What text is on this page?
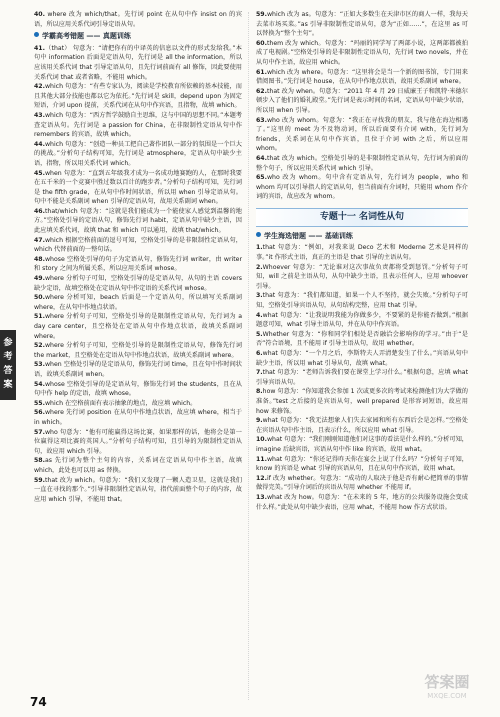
40. where 改为 which/that。先行词 point 在从句中作 insist on 的宾语，所以应用关系代词引导定语从句。
学霸高考错题 —— 真题训练
41.（that） 句意为：“请把你有的中译英的信息以文件的形式发给我。”本句中 information 后面是定语从句，先行词是 all the information，所以应该用关系代词 that 引导定语从句，且先行词前面有 all 修饰，因此要使用关系代词 that 或者省略，不能用 which。
42.which 句意为：“有些专家认为，阅读是学校教育所依赖的基本技能，而且其他大部分技能也都以它为依托。”先行词是 skill，depend upon 为固定短语，介词 upon 提前，关系代词在从句中作宾语，且指物，故填 which。
43.which 句意为：“西方哲学鼓励自主思维，这与中国的思想不同。”本题考查定语从句。先行词是 a passion for China，在非限制性定语从句中作 remembers 的宾语，故填 which。
44.which 句意为：“创造一种员工把自己著作团队一部分的氛围是一个巨大的挑战。”分析句子结构可知，先行词是 atmosphere，定语从句中缺少主语，指物，所以用关系代词 which。
45.when 句意为：“直到五年级我才成为一名成功地赛跑的人，在那时我要在五千米的一个竞赛中胜过数以百计的跑步者。”分析句子结构可知，先行词是 the fifth grade，在从句中作时间状语，所以用 when 引导定语从句。句中不能是关系副词 when 引导的定语从句，故用关系副词 when。
46.that/which 句意为：“这就是我们能成为一个能使家人感觉到温馨的地方。”空格处引导的定语从句，修饰先行词 habit，定语从句中缺少主语，因此应填关系代词，故填 that 和 which 可以通用，故填 that/which。
47.which 根据空格前面的逗号可知，空格处引导的是非限制性定语从句，which 代替前面的一整句话。
48.whose 空格处引导的句子为定语从句，修饰先行词 writer，由 writer 和 story 之间为所属关系，所以应用关系词 whose。
49.where 分析句子可知，空格处引导的是定语从句，从句的主语 covers 缺少定语，故填空格处在定语从句中作定语的关系代词 whose。
50.where 分析可知，beach 后面是一个定语从句，所以填写关系副词 where，在从句中作地点状语。
51.where 分析句子可知，空格处引导的是限制性定语从句，先行词为 a day care center，且空格处在定语从句中作地点状语，故填关系副词 where。
52.where 分析句子可知，空格处引导的是限制性定语从句，修饰先行词 the market，且空格处在定语从句中作地点状语，故填关系副词 where。
53.when 空格处引导的是定语从句，修饰先行词 time，且在句中作时间状语，故填关系副词 when。
54.whose 空格处引导的是定语从句，修饰先行词 the students，且在从句中作 help 的定语，故填 whose。
55.which 在空格前面有表示抽象的地点，故应填 which。
56.where 先行词 position 在从句中作地点状语，故应填 where，相当于 in which。
57.who 句意为：“他有可能赢得这场比赛，如果那样的话，他将会是第一位赢得这项比赛的英国人。”分析句子结构可知，且引导的为限制性定语从句，故应用 which 引导。
58.as 先行词为整个主句的内容，关系词在定语从句中作主语，故填 which，此处也可以用 as 替换。
59.that 改为 which。句意为：“我们又发现了一颗人造卫星，这就是我们一直在寻找的那个。”引导非限制性定语从句，指代前面整个句子的内容，故应用 which 引导，不能用 that。
59.which 改为 as。句意为：“正如大多数生在天津市区的商人一样，我每天去菜市场买菜。”as 引导非限制性定语从句，意为“正如……”，在这里 as 可以替换为“整个主句”。
60.them 改为 which。句意为：“玛丽的同学写了两部小说，这两部都被拍成了电视剧。”空格处引导的是非限制性定语从句，先行词 two novels，并在从句中作主语，故应用 which。
61.which 改为 where。句意为：“这里将会是当一个新的图书馆，专门用来借阅图书。”先行词是 house，在从句中作地点状语，故用关系副词 where。
62.that 改为 when。句意为：“2011 年 4 月 29 日威廉王子和凯特·米德尔顿步入了他们的婚礼殿堂。”先行词是表示时间的名词，定语从句中缺少状语，所以用 when 引导。
63.who 改为 whom。句意为：“我正在寻找我的朋友，我与他在海边相遇了。”这里的 meet 为不及物动词，所以后面要有介词 with，先行词为 friends，关系词在从句中作宾语，且位于介词 with 之后，所以应用 whom。
64.that 改为 which。空格处引导的是非限制性定语从句，先行词为前面的整个句子，所以应用关系代词 which 引导。
65.who 改为 whom。句中含有定语从句，先行词为 people，who 和 whom 均可以引导指人的定语从句，但当前面有介词时，只能用 whom 作介词的宾语，故应改为 whom。
专题十一 名词性从句
学生海选错题 —— 基础训练
1.that 句意为：“例如，对我来说 Deco 艺术和 Moderne 艺术是同样的事。”it 作形式主语，真正的主语是 that 引导的主语从句。
2.Whoever 句意为：“无论谁对这次事故负责都将受到惩罚。”分析句子可知，will 之前是主语从句，从句中缺少主语，且表示任何人，应用 whoever 引导。
3.that 句意为：“我们都知道，如果一个人不坚持，就会失败。”分析句子可知，空格处引导宾语从句，从句结构完整，应用 that 引导。
4.what 句意为：“让我说明我能为你做多少，不要紧的是你能否做到。”根据题意可知，what 引导主语从句，并在从句中作宾语。
5.Whether 句意为：“你和同学们相处是否融洽会影响你的学习。”由于“是否”符合语境，且不能用 if 引导主语从句，故用 whether。
6.what 句意为：“一个月之后，李斯特夫人弄清楚发生了什么。”宾语从句中缺少主语，所以用 what 引导从句，故填 what。
7.that 句意为：“老师告诉我们要在课堂上学习什么。”根据句意，应填 what 引导宾语从句。
8.how 句意为：“你知道我会参加 1 次或更多次的考试来检测他们为大学做的准备。”test 之后接的是宾语从句，well prepared 是形容词短语，故应用 how 来修饰。
9.what 句意为：“我无法想象人们失去家园和所有东西后会是怎样。”空格处在宾语从句中作主语，且表示什么，所以应用 what 引导。
10.what 句意为：“我们刚刚知道他们对这事的看法是什么样的。”分析可知，imagine 后缺宾语，宾语从句中作 like 的宾语，故用 what。
11.what 句意为：“你还记得昨天你在宴会上说了什么吗？”分析句子可知，know 的宾语是 what 引导的宾语从句，且在从句中作宾语，故用 what。
12.if 改为 whether。句意为：“成功的人取决于他是否有耐心把简单的事情做得完美。”引导介词后的宾语从句用 whether 不能用 if。
13.what 改为 how。句意为：“在未来的 5 年，地方的公共服务设施会变成什么样。”此处从句中缺少表语，应用 what，不能用 how 作方式状语。
参
考
答
案
74
答案圈
MXQE.COM
